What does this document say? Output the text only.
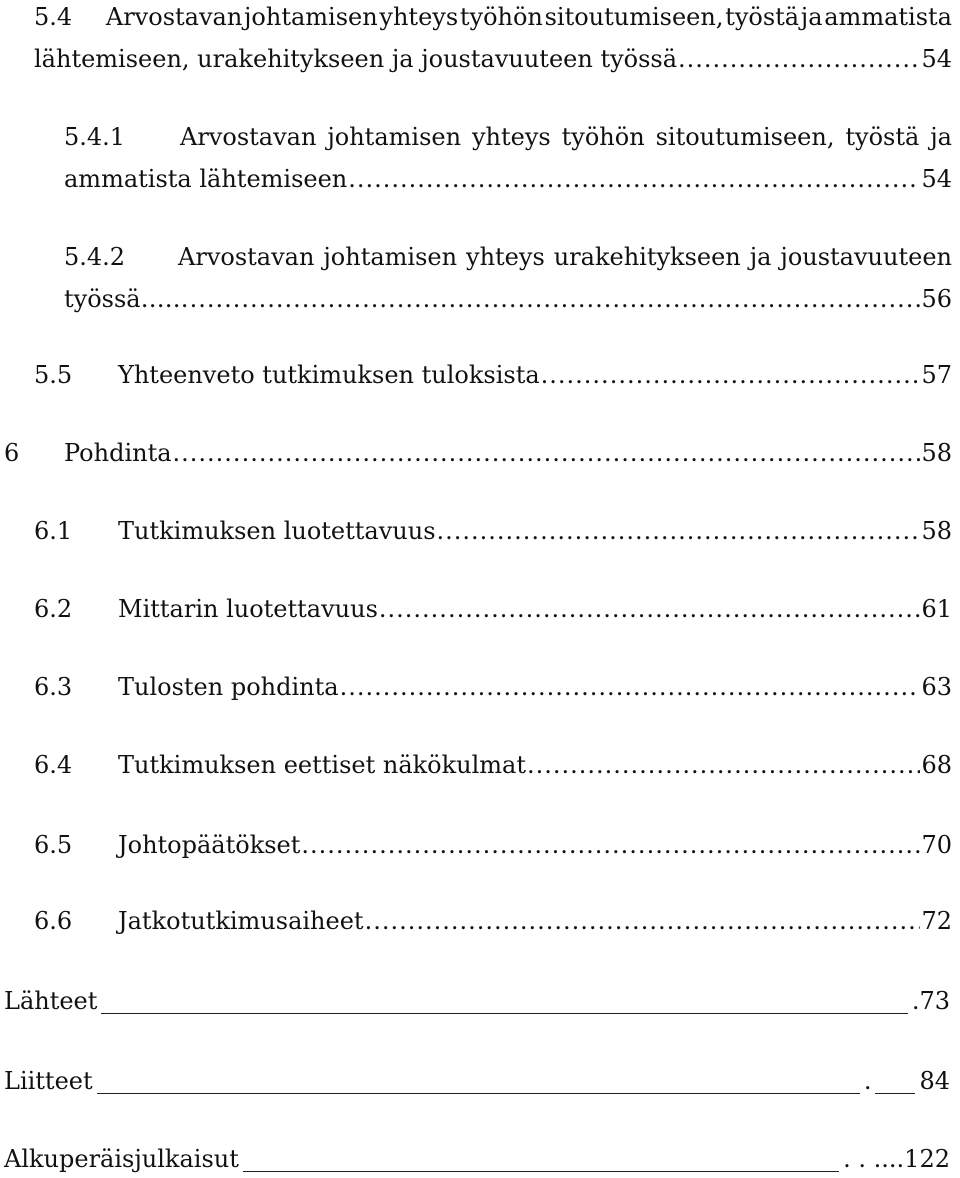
5.4 Arvostavan johtamisen yhteys työhön sitoutumiseen, työstä ja ammatista
lähtemiseen, urakehitykseen ja joustavuuteen työssä .....	54
5.4.1 Arvostavan johtamisen yhteys työhön sitoutumiseen, työstä ja
ammatista lähtemiseen .....	54
5.4.2 Arvostavan johtamisen yhteys urakehitykseen ja joustavuuteen
työssä…… .....	56
5.5	Yhteenveto tutkimuksen tuloksista .....	57
6	Pohdinta .....	58
6.1	Tutkimuksen luotettavuus .....	58
6.2	Mittarin luotettavuus .....	61
6.3	Tulosten pohdinta .....	63
6.4	Tutkimuksen eettiset näkökulmat .....	68
6.5	Johtopäätökset .....	70
6.6	Jatkotutkimusaiheet .....	72
Lähteet	.73
Liitteet	. 84
Alkuperäisjulkaisut	. . . ...122
